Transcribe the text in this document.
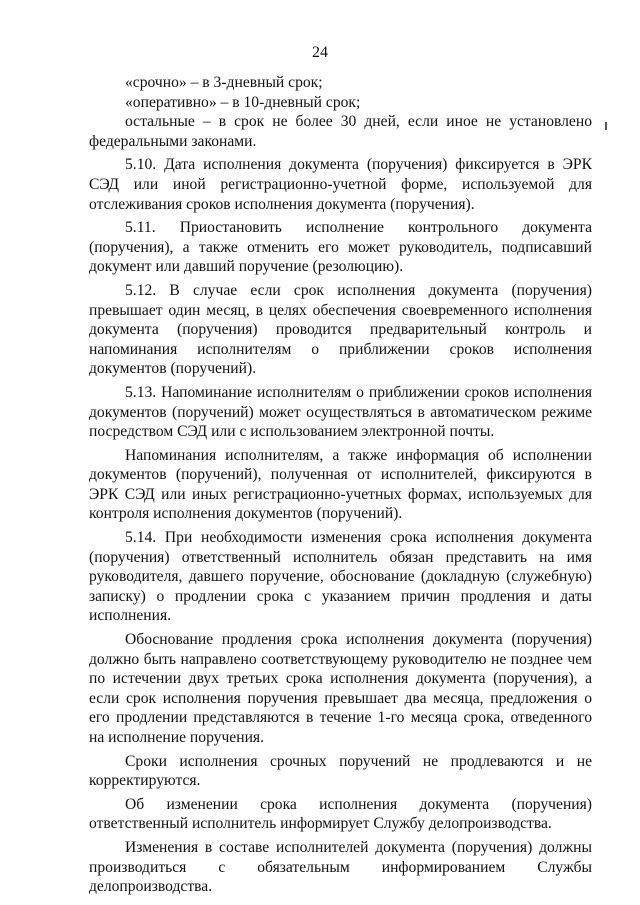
24

«срочно» – в 3-дневный срок;

«оперативно» – в 10-дневный срок;

остальные – в срок не более 30 дней, если иное не установлено федеральными законами.

5.10. Дата исполнения документа (поручения) фиксируется в ЭРК СЭД или иной регистрационно-учетной форме, используемой для отслеживания сроков исполнения документа (поручения).

5.11. Приостановить исполнение контрольного документа (поручения), а также отменить его может руководитель, подписавший документ или давший поручение (резолюцию).

5.12. В случае если срок исполнения документа (поручения) превышает один месяц, в целях обеспечения своевременного исполнения документа (поручения) проводится предварительный контроль и напоминания исполнителям о приближении сроков исполнения документов (поручений).

5.13. Напоминание исполнителям о приближении сроков исполнения документов (поручений) может осуществляться в автоматическом режиме посредством СЭД или с использованием электронной почты.

Напоминания исполнителям, а также информация об исполнении документов (поручений), полученная от исполнителей, фиксируются в ЭРК СЭД или иных регистрационно-учетных формах, используемых для контроля исполнения документов (поручений).

5.14. При необходимости изменения срока исполнения документа (поручения) ответственный исполнитель обязан представить на имя руководителя, давшего поручение, обоснование (докладную (служебную) записку) о продлении срока с указанием причин продления и даты исполнения.

Обоснование продления срока исполнения документа (поручения) должно быть направлено соответствующему руководителю не позднее чем по истечении двух третьих срока исполнения документа (поручения), а если срок исполнения поручения превышает два месяца, предложения о его продлении представляются в течение 1-го месяца срока, отведенного на исполнение поручения.

Сроки исполнения срочных поручений не продлеваются и не корректируются.

Об изменении срока исполнения документа (поручения) ответственный исполнитель информирует Службу делопроизводства.

Изменения в составе исполнителей документа (поручения) должны производиться с обязательным информированием Службы делопроизводства.
